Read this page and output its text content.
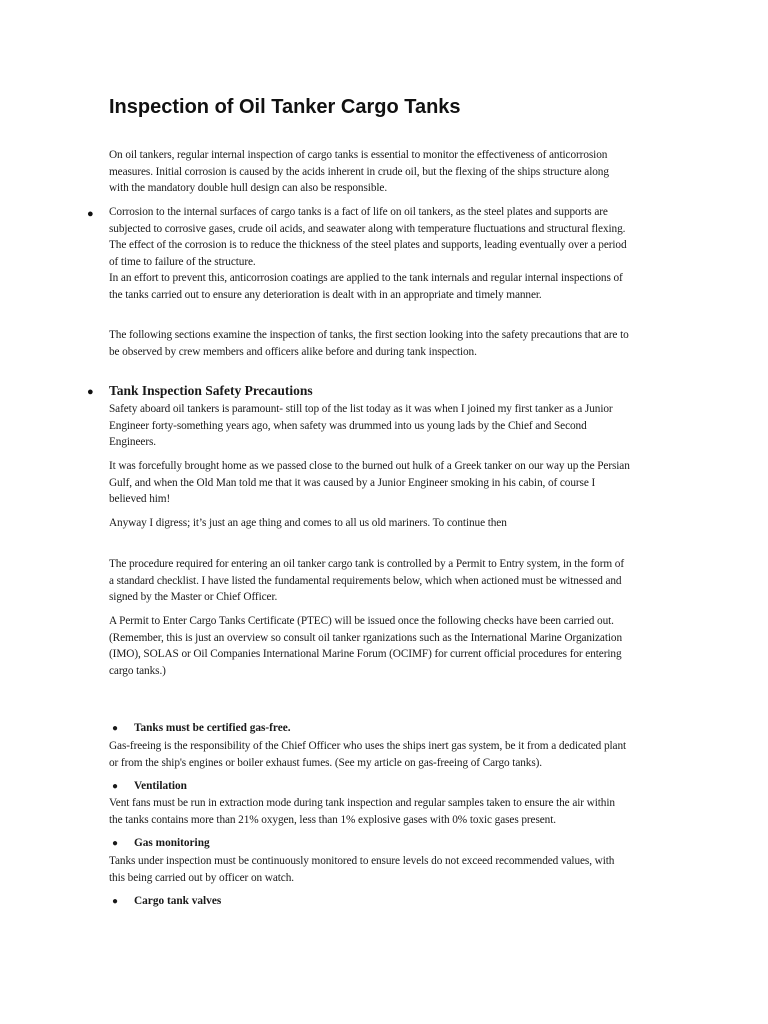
Inspection of Oil Tanker Cargo Tanks

On oil tankers, regular internal inspection of cargo tanks is essential to monitor the effectiveness of anticorrosion measures. Initial corrosion is caused by the acids inherent in crude oil, but the flexing of the ships structure along with the mandatory double hull design can also be responsible.

● Corrosion to the internal surfaces of cargo tanks is a fact of life on oil tankers, as the steel plates and supports are subjected to corrosive gases, crude oil acids, and seawater along with temperature fluctuations and structural flexing. The effect of the corrosion is to reduce the thickness of the steel plates and supports, leading eventually over a period of time to failure of the structure.

In an effort to prevent this, anticorrosion coatings are applied to the tank internals and regular internal inspections of the tanks carried out to ensure any deterioration is dealt with in an appropriate and timely manner.

The following sections examine the inspection of tanks, the first section looking into the safety precautions that are to be observed by crew members and officers alike before and during tank inspection.

● Tank Inspection Safety Precautions

Safety aboard oil tankers is paramount- still top of the list today as it was when I joined my first tanker as a Junior Engineer forty-something years ago, when safety was drummed into us young lads by the Chief and Second Engineers.

It was forcefully brought home as we passed close to the burned out hulk of a Greek tanker on our way up the Persian Gulf, and when the Old Man told me that it was caused by a Junior Engineer smoking in his cabin, of course I believed him!

Anyway I digress; it’s just an age thing and comes to all us old mariners. To continue then

The procedure required for entering an oil tanker cargo tank is controlled by a Permit to Entry system, in the form of a standard checklist. I have listed the fundamental requirements below, which when actioned must be witnessed and signed by the Master or Chief Officer.

A Permit to Enter Cargo Tanks Certificate (PTEC) will be issued once the following checks have been carried out. (Remember, this is just an overview so consult oil tanker rganizations such as the International Marine Organization (IMO), SOLAS or Oil Companies International Marine Forum (OCIMF) for current official procedures for entering cargo tanks.)

● Tanks must be certified gas-free.

Gas-freeing is the responsibility of the Chief Officer who uses the ships inert gas system, be it from a dedicated plant or from the ship's engines or boiler exhaust fumes. (See my article on gas-freeing of Cargo tanks).

● Ventilation

Vent fans must be run in extraction mode during tank inspection and regular samples taken to ensure the air within the tanks contains more than 21% oxygen, less than 1% explosive gases with 0% toxic gases present.

● Gas monitoring

Tanks under inspection must be continuously monitored to ensure levels do not exceed recommended values, with this being carried out by officer on watch.

● Cargo tank valves
